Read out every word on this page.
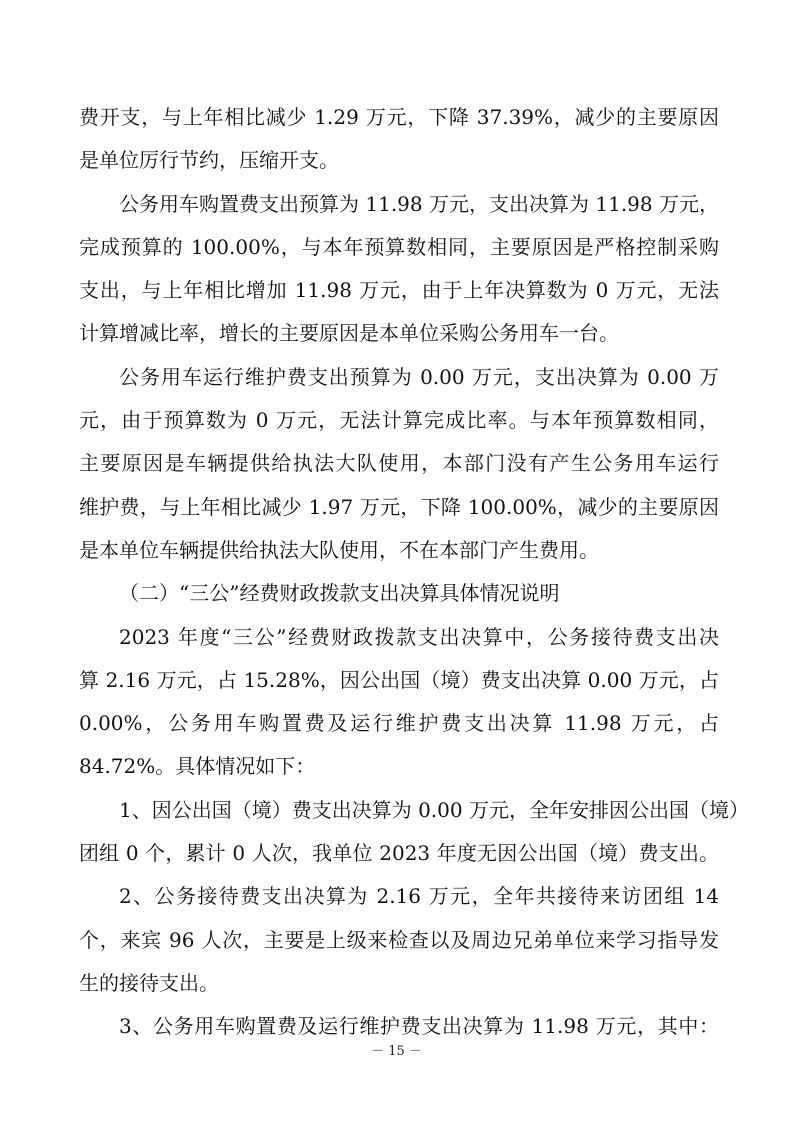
费开支，与上年相比减少 1.29 万元，下降 37.39%，减少的主要原因
是单位厉行节约，压缩开支。
公务用车购置费支出预算为 11.98 万元，支出决算为 11.98 万元，
完成预算的 100.00%，与本年预算数相同，主要原因是严格控制采购
支出，与上年相比增加 11.98 万元，由于上年决算数为 0 万元，无法
计算增减比率，增长的主要原因是本单位采购公务用车一台。
公务用车运行维护费支出预算为 0.00 万元，支出决算为 0.00 万
元，由于预算数为 0 万元，无法计算完成比率。与本年预算数相同，
主要原因是车辆提供给执法大队使用，本部门没有产生公务用车运行
维护费，与上年相比减少 1.97 万元，下降 100.00%，减少的主要原因
是本单位车辆提供给执法大队使用，不在本部门产生费用。
（二）“三公”经费财政拨款支出决算具体情况说明
2023 年度“三公”经费财政拨款支出决算中，公务接待费支出决
算 2.16 万元，占 15.28%，因公出国（境）费支出决算 0.00 万元，占
0.00%，公务用车购置费及运行维护费支出决算 11.98 万元，占
84.72%。具体情况如下：
1、因公出国（境）费支出决算为 0.00 万元，全年安排因公出国（境）
团组 0 个，累计 0 人次，我单位 2023 年度无因公出国（境）费支出。
2、公务接待费支出决算为 2.16 万元，全年共接待来访团组 14
个，来宾 96 人次，主要是上级来检查以及周边兄弟单位来学习指导发
生的接待支出。
3、公务用车购置费及运行维护费支出决算为 11.98 万元，其中：
－ 15 －
